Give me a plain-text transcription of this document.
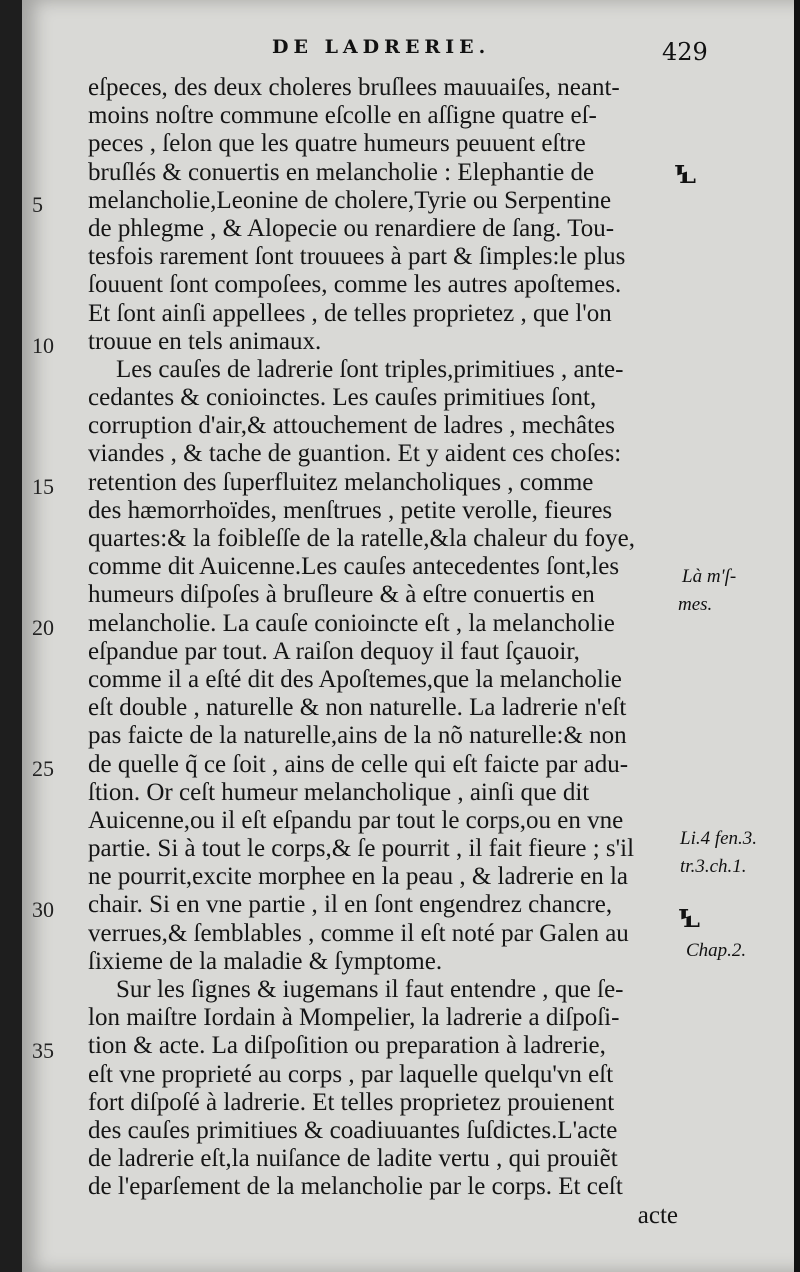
DE LADRERIE.	429
eſpeces, des deux choleres bruſlees mauuaiſes, neant-
moins noſtre commune eſcolle en aſſigne quatre eſ-
peces , ſelon que les quatre humeurs peuuent eſtre
bruſlés & conuertis en melancholie : Elephantie de
melancholie,Leonine de cholere,Tyrie ou Serpentine
de phlegme , & Alopecie ou renardiere de ſang. Tou-
tesfois rarement ſont trouuees à part & ſimples:le plus
ſouuent ſont compoſees, comme les autres apoſtemes.
Et ſont ainſi appellees , de telles proprietez , que l'on
trouue en tels animaux.
Les cauſes de ladrerie ſont triples,primitiues , ante-
cedantes & conioinctes. Les cauſes primitiues ſont,
corruption d'air,& attouchement de ladres , mechâtes
viandes , & tache de guantion. Et y aident ces choſes:
retention des ſuperfluitez melancholiques , comme
des hæmorrhoïdes, menſtrues , petite verolle, fieures
quartes:& la foibleſſe de la ratelle,&la chaleur du foye,
comme dit Auicenne.Les cauſes antecedentes ſont,les
humeurs diſpoſes à bruſleure & à eſtre conuertis en
melancholie. La cauſe conioincte eſt , la melancholie
eſpandue par tout. A raiſon dequoy il faut ſçauoir,
comme il a eſté dit des Apoſtemes,que la melancholie
eſt double , naturelle & non naturelle. La ladrerie n'eſt
pas faicte de la naturelle,ains de la nõ naturelle:& non
de quelle q̃ ce ſoit , ains de celle qui eſt faicte par adu-
ſtion. Or ceſt humeur melancholique , ainſi que dit
Auicenne,ou il eſt eſpandu par tout le corps,ou en vne
partie. Si à tout le corps,& ſe pourrit , il fait fieure ; s'il
ne pourrit,excite morphee en la peau , & ladrerie en la
chair. Si en vne partie , il en ſont engendrez chancre,
verrues,& ſemblables , comme il eſt noté par Galen au
ſixieme de la maladie & ſymptome.
Sur les ſignes & iugemans il faut entendre , que ſe-
lon maiſtre Iordain à Mompelier, la ladrerie a diſpoſi-
tion & acte. La diſpoſition ou preparation à ladrerie,
eſt vne proprieté au corps , par laquelle quelqu'vn eſt
fort diſpoſé à ladrerie. Et telles proprietez prouienent
des cauſes primitiues & coadiuuantes ſuſdictes.L'acte
de ladrerie eſt,la nuiſance de ladite vertu , qui prouiẽt
de l'eparſement de la melancholie par le corps. Et ceſt
acte
5
10
15
20
25
30
35
Ꝇ
Là m'ſ-
mes.
Li.4 fen.3.
tr.3.ch.1.
Ꝇ
Chap.2.
